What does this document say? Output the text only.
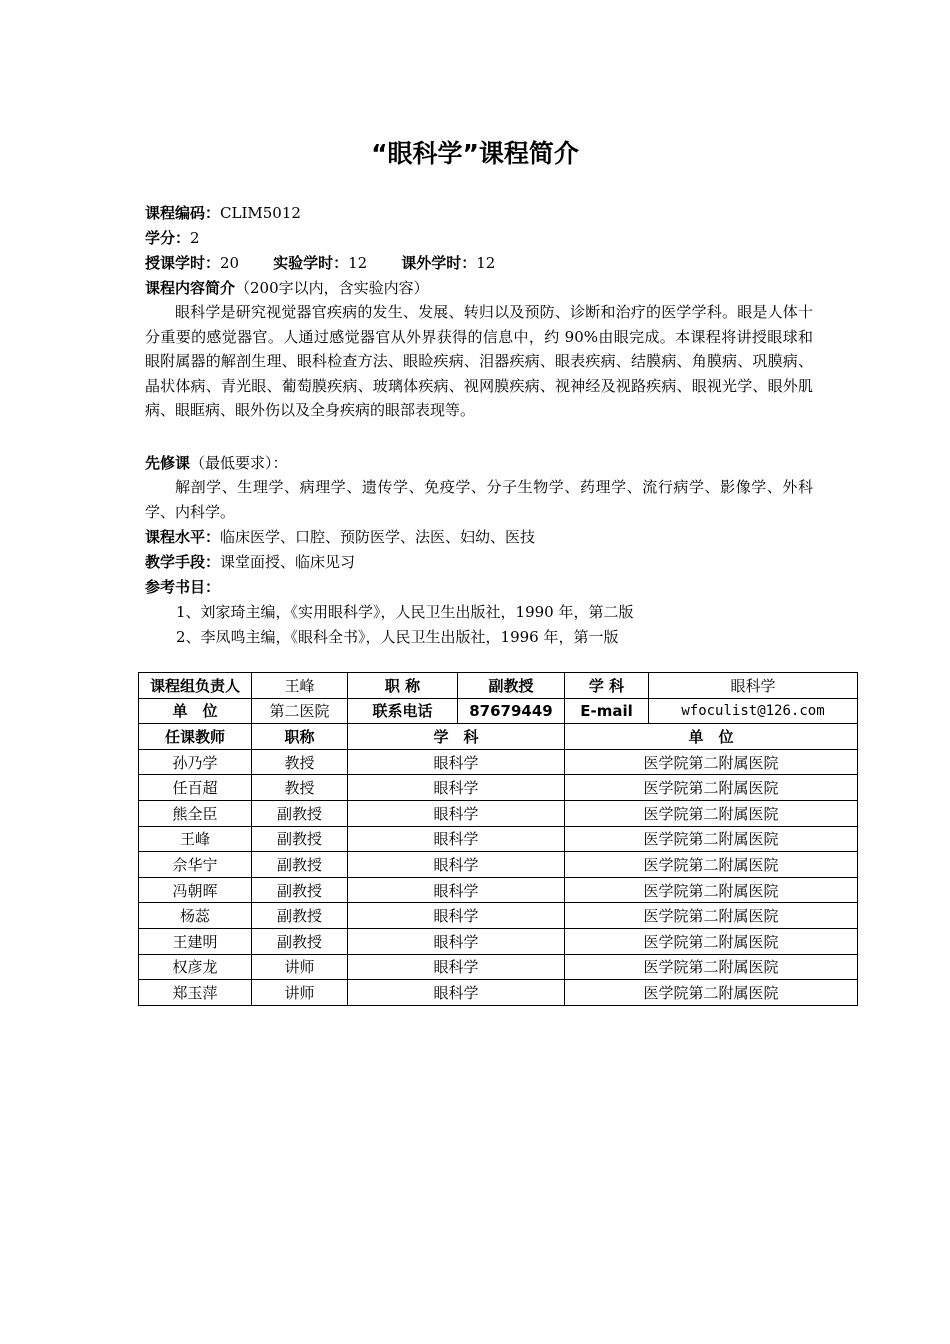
“眼科学”课程简介
课程编码：CLIM5012
学分：2
授课学时：20 实验学时：12 课外学时：12
课程内容简介（200字以内，含实验内容）
眼科学是研究视觉器官疾病的发生、发展、转归以及预防、诊断和治疗的医学学科。眼是人体十分重要的感觉器官。人通过感觉器官从外界获得的信息中，约 90%由眼完成。本课程将讲授眼球和眼附属器的解剖生理、眼科检查方法、眼睑疾病、泪器疾病、眼表疾病、结膜病、角膜病、巩膜病、晶状体病、青光眼、葡萄膜疾病、玻璃体疾病、视网膜疾病、视神经及视路疾病、眼视光学、眼外肌病、眼眶病、眼外伤以及全身疾病的眼部表现等。
先修课（最低要求）：
解剖学、生理学、病理学、遗传学、免疫学、分子生物学、药理学、流行病学、影像学、外科学、内科学。
课程水平：临床医学、口腔、预防医学、法医、妇幼、医技
教学手段：课堂面授、临床见习
参考书目：
1、刘家琦主编，《实用眼科学》，人民卫生出版社，1990 年，第二版
2、李凤鸣主编，《眼科全书》，人民卫生出版社，1996 年，第一版
课程组负责人	王峰	职 称	副教授	学 科	眼科学
单　位	第二医院	联系电话	87679449	E-mail	wfoculist@126.com
任课教师	职称	学　科		单　位	
孙乃学	教授	眼科学		医学院第二附属医院	
任百超	教授	眼科学		医学院第二附属医院	
熊全臣	副教授	眼科学		医学院第二附属医院	
王峰	副教授	眼科学		医学院第二附属医院	
佘华宁	副教授	眼科学		医学院第二附属医院	
冯朝晖	副教授	眼科学		医学院第二附属医院	
杨蕊	副教授	眼科学		医学院第二附属医院	
王建明	副教授	眼科学		医学院第二附属医院	
权彦龙	讲师	眼科学		医学院第二附属医院	
郑玉萍	讲师	眼科学		医学院第二附属医院	
